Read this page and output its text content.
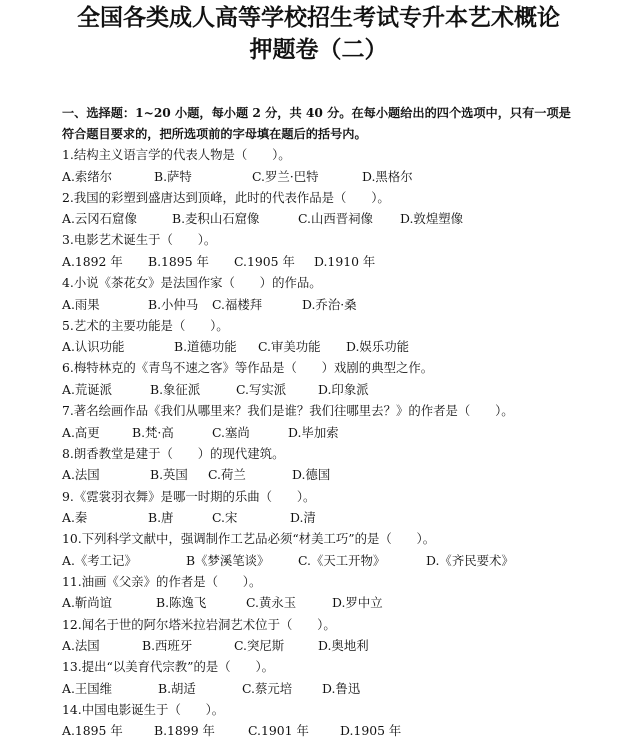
全国各类成人高等学校招生考试专升本艺术概论
押题卷（二）
一、选择题：1~20 小题，每小题 2 分，共 40 分。在每小题给出的四个选项中，只有一项是
符合题目要求的，把所选项前的字母填在题后的括号内。
1.结构主义语言学的代表人物是（　　）。
A.索绪尔	B.萨特	C.罗兰·巴特	D.黑格尔
2.我国的彩塑到盛唐达到顶峰，此时的代表作品是（　　）。
A.云冈石窟像	B.麦积山石窟像	C.山西晋祠像 D.敦煌塑像
3.电影艺术诞生于（　　）。
A.1892 年 B.1895 年 C.1905 年 D.1910 年
4.小说《茶花女》是法国作家（　　）的作品。
A.雨果	B.小仲马 C.福楼拜	D.乔治·桑
5.艺术的主要功能是（　　）。
A.认识功能	B.道德功能 C.审美功能 D.娱乐功能
6.梅特林克的《青鸟不速之客》等作品是（　　）戏剧的典型之作。
A.荒诞派	B.象征派	C.写实派	D.印象派
7.著名绘画作品《我们从哪里来？我们是谁？我们往哪里去？》的作者是（　　）。
A.高更	B.梵·高	C.塞尚	D.毕加索
8.朗香教堂是建于（　　）的现代建筑。
A.法国	B.英国 C.荷兰	D.德国
9.《霓裳羽衣舞》是哪一时期的乐曲（　　）。
A.秦	B.唐	C.宋	D.清
10.下列科学文献中，强调制作工艺品必须“材美工巧”的是（　　）。
A.《考工记》	B《梦溪笔谈》 C.《天工开物》	D.《齐民要术》
11.油画《父亲》的作者是（　　）。
A.靳尚谊	B.陈逸飞	C.黄永玉	D.罗中立
12.闻名于世的阿尔塔米拉岩洞艺术位于（　　）。
A.法国	B.西班牙	C.突尼斯	D.奥地利
13.提出“以美育代宗教”的是（　　）。
A.王国维	B.胡适	C.蔡元培 D.鲁迅
14.中国电影诞生于（　　）。
A.1895 年	B.1899 年	C.1901 年	D.1905 年
